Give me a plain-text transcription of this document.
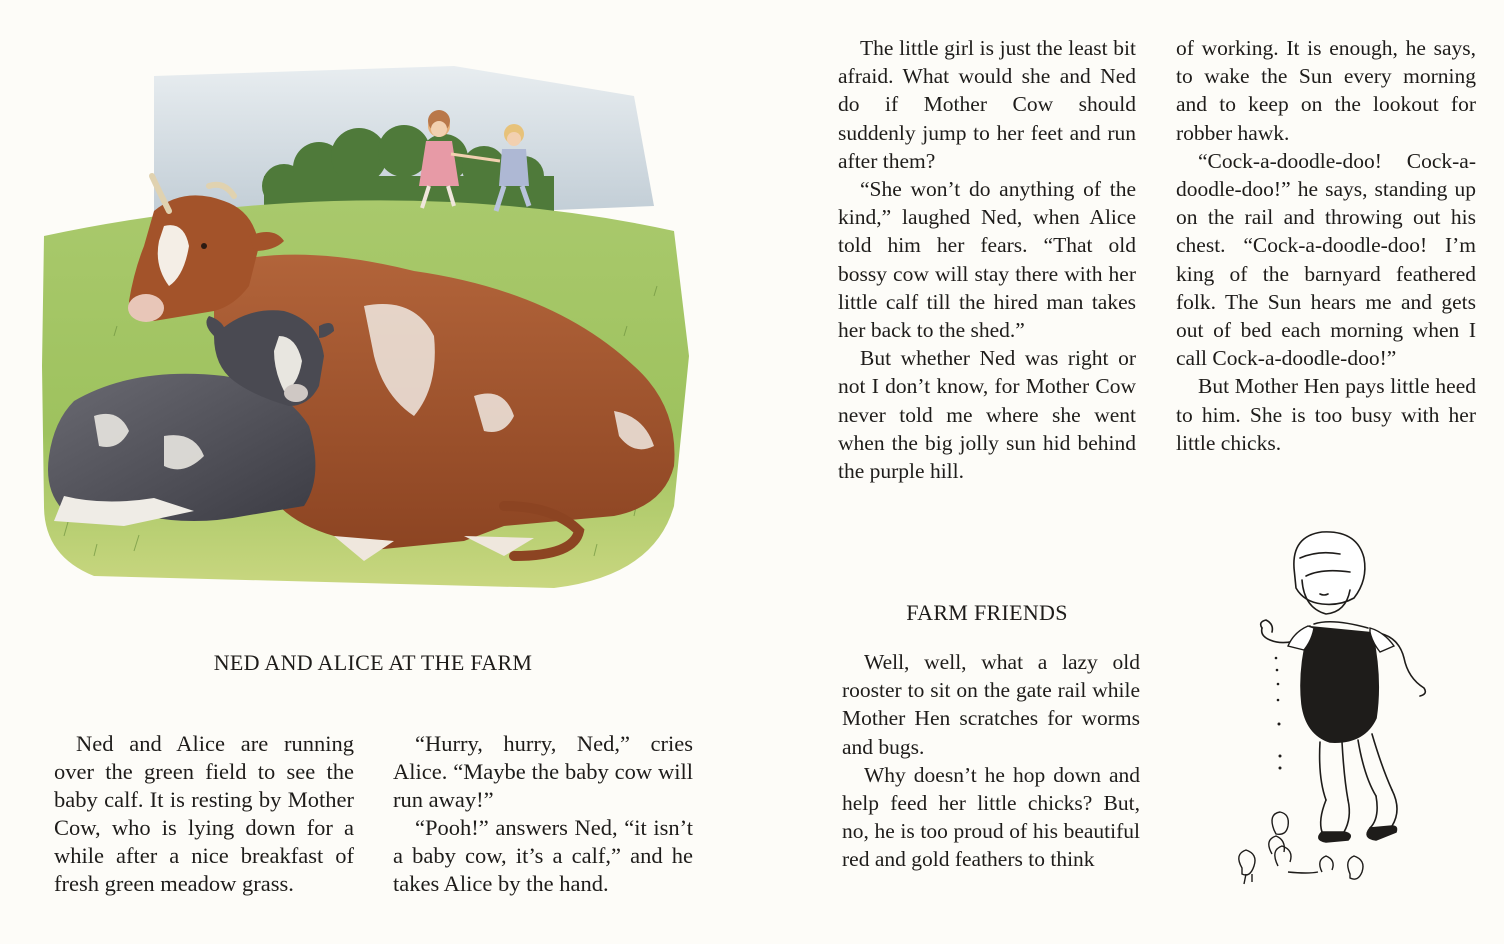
NED AND ALICE AT THE FARM

Ned and Alice are running over the green field to see the baby calf. It is resting by Mother Cow, who is lying down for a while after a nice breakfast of fresh green meadow grass.

“Hurry, hurry, Ned,” cries Alice. “Maybe the baby cow will run away!”

“Pooh!” answers Ned, “it isn’t a baby cow, it’s a calf,” and he takes Alice by the hand.

The little girl is just the least bit afraid. What would she and Ned do if Mother Cow should suddenly jump to her feet and run after them?

“She won’t do anything of the kind,” laughed Ned, when Alice told him her fears. “That old bossy cow will stay there with her little calf till the hired man takes her back to the shed.”

But whether Ned was right or not I don’t know, for Mother Cow never told me where she went when the big jolly sun hid behind the purple hill.

FARM FRIENDS

Well, well, what a lazy old rooster to sit on the gate rail while Mother Hen scratches for worms and bugs.

Why doesn’t he hop down and help feed her little chicks? But, no, he is too proud of his beautiful red and gold feathers to think

of working. It is enough, he says, to wake the Sun every morning and to keep on the lookout for robber hawk.

“Cock-a-doodle-doo! Cock-a-doodle-doo!” he says, standing up on the rail and throwing out his chest. “Cock-a-doodle-doo! I’m king of the barnyard feathered folk. The Sun hears me and gets out of bed each morning when I call Cock-a-doodle-doo!”

But Mother Hen pays little heed to him. She is too busy with her little chicks.
